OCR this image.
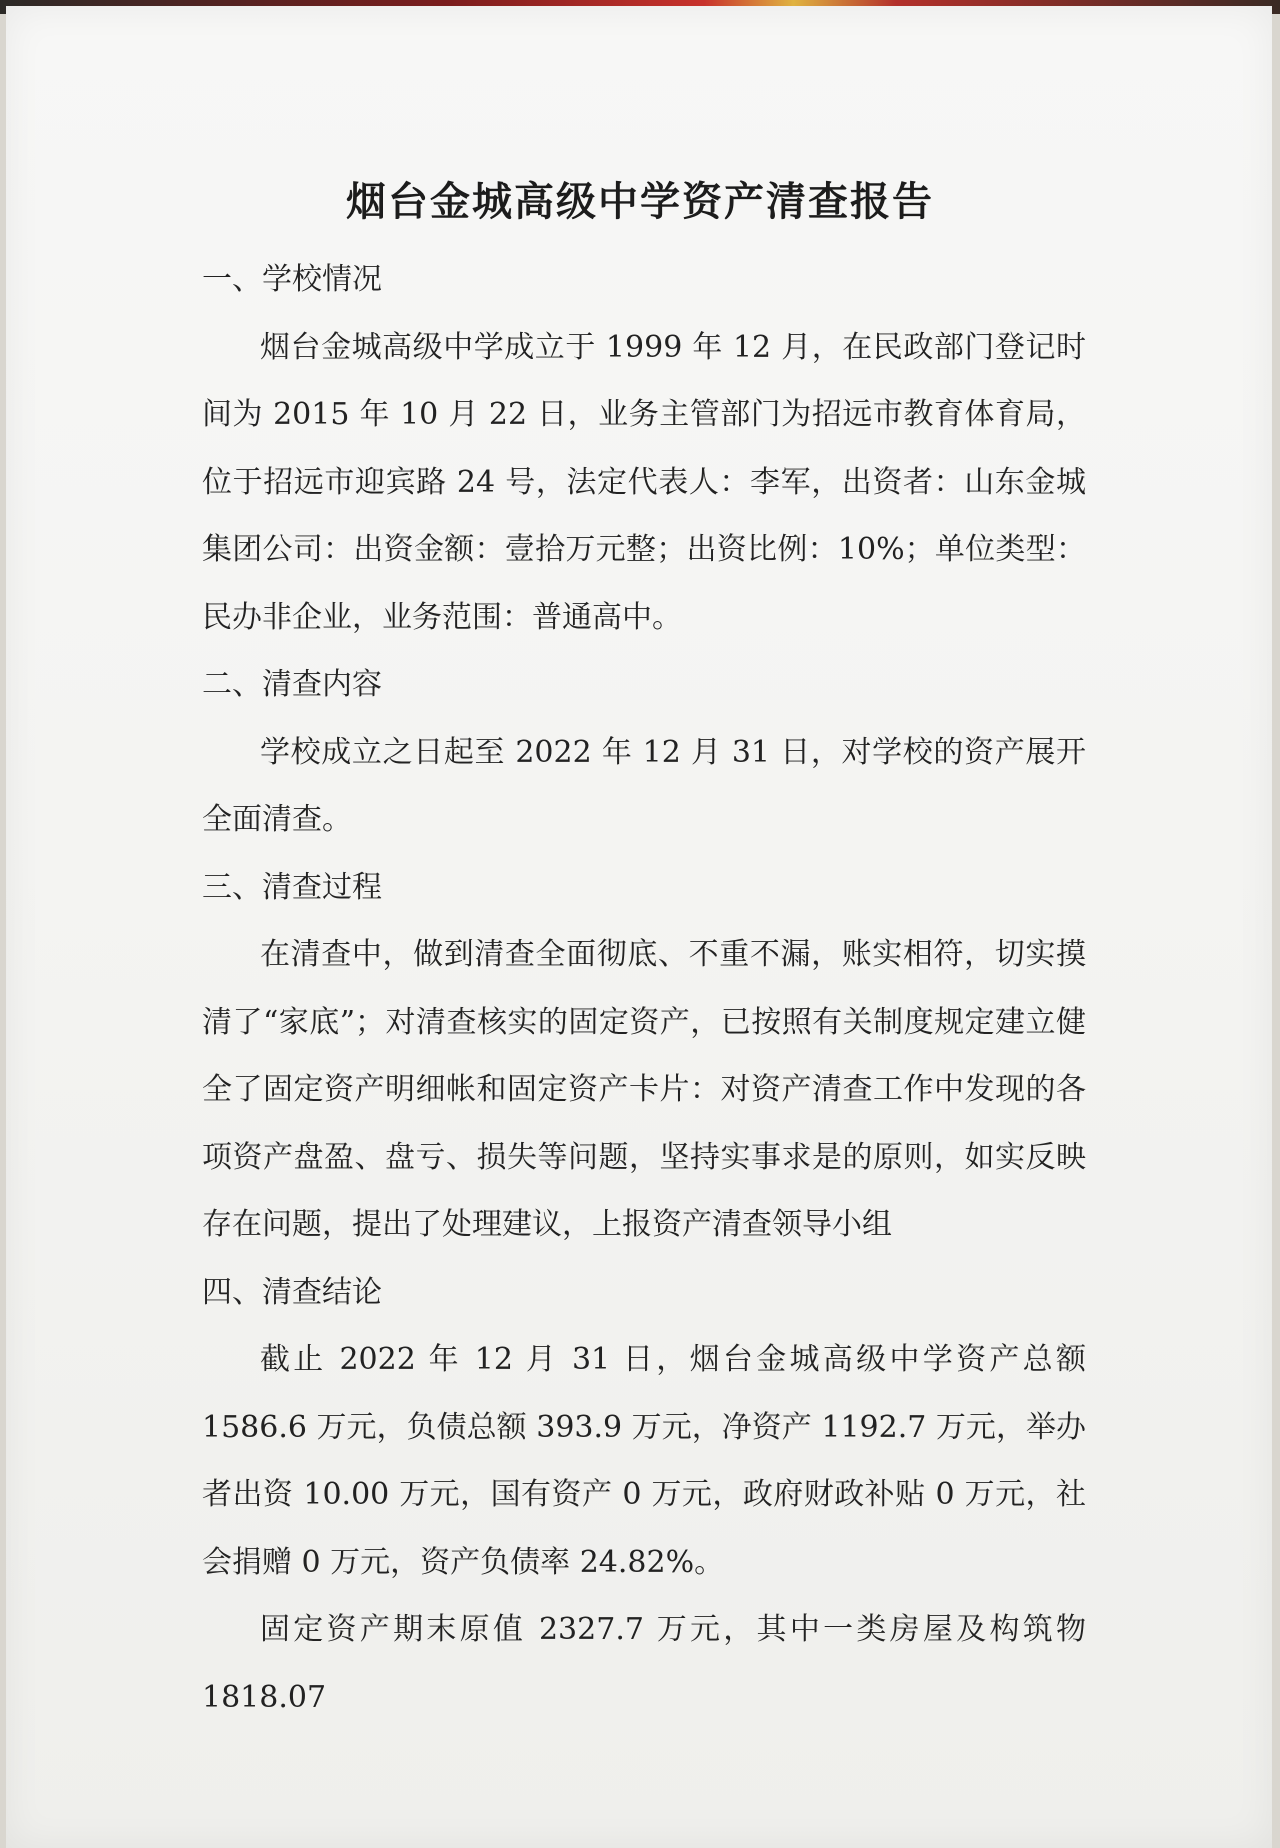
烟台金城高级中学资产清查报告

一、学校情况

烟台金城高级中学成立于 1999 年 12 月，在民政部门登记时间为 2015 年 10 月 22 日，业务主管部门为招远市教育体育局，位于招远市迎宾路 24 号，法定代表人：李军，出资者：山东金城集团公司：出资金额：壹拾万元整；出资比例：10%；单位类型：民办非企业，业务范围：普通高中。

二、清查内容

学校成立之日起至 2022 年 12 月 31 日，对学校的资产展开全面清查。

三、清查过程

在清查中，做到清查全面彻底、不重不漏，账实相符，切实摸清了“家底”；对清查核实的固定资产，已按照有关制度规定建立健全了固定资产明细帐和固定资产卡片：对资产清查工作中发现的各项资产盘盈、盘亏、损失等问题，坚持实事求是的原则，如实反映存在问题，提出了处理建议，上报资产清查领导小组

四、清查结论

截止 2022 年 12 月 31 日，烟台金城高级中学资产总额 1586.6 万元，负债总额 393.9 万元，净资产 1192.7 万元，举办者出资 10.00 万元，国有资产 0 万元，政府财政补贴 0 万元，社会捐赠 0 万元，资产负债率 24.82%。

固定资产期末原值 2327.7 万元，其中一类房屋及构筑物 1818.07
